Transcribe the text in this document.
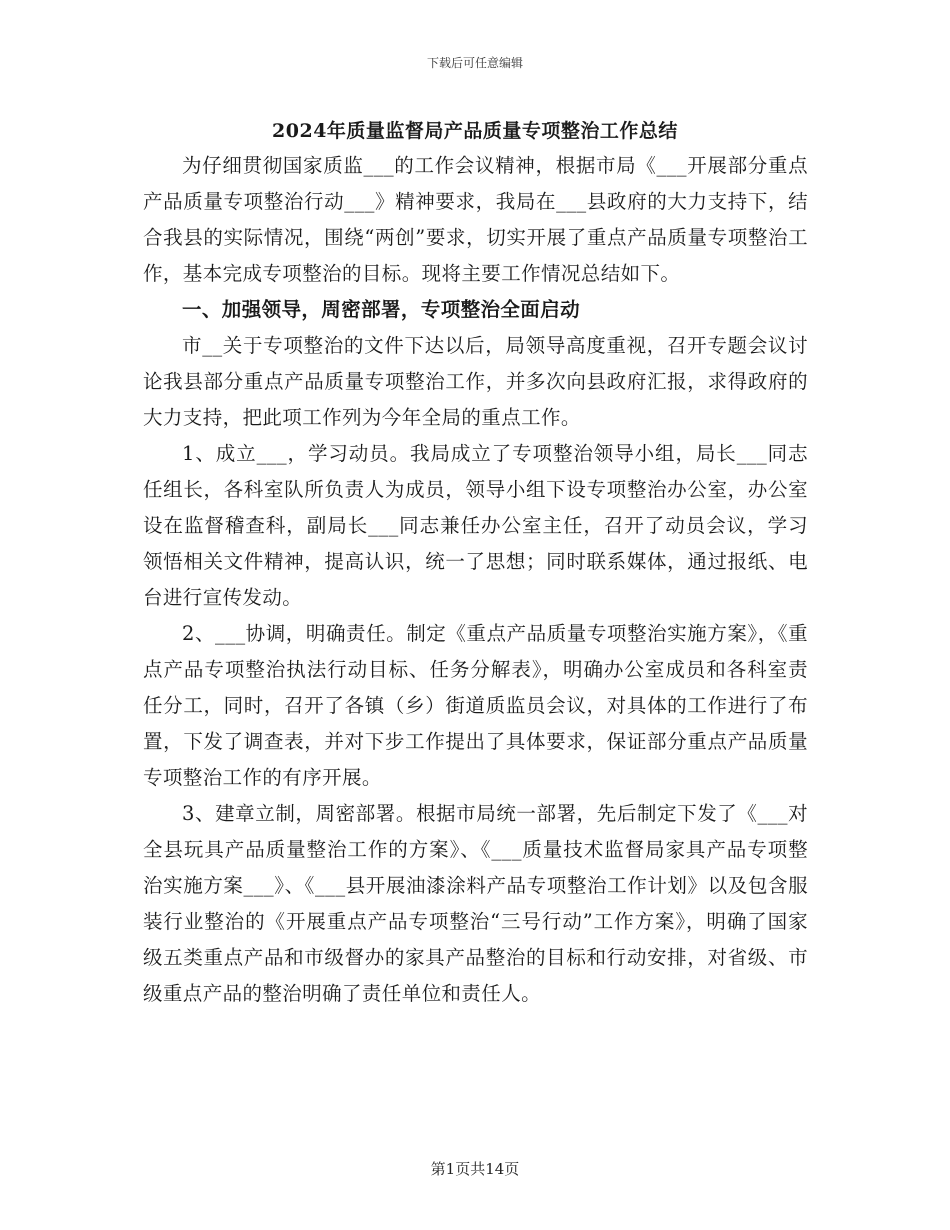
下载后可任意编辑
2024年质量监督局产品质量专项整治工作总结

为仔细贯彻国家质监___的工作会议精神，根据市局《___开展部分重点产品质量专项整治行动___》精神要求，我局在___县政府的大力支持下，结合我县的实际情况，围绕“两创”要求，切实开展了重点产品质量专项整治工作，基本完成专项整治的目标。现将主要工作情况总结如下。

一、加强领导，周密部署，专项整治全面启动

市__关于专项整治的文件下达以后，局领导高度重视，召开专题会议讨论我县部分重点产品质量专项整治工作，并多次向县政府汇报，求得政府的大力支持，把此项工作列为今年全局的重点工作。

1、成立___，学习动员。我局成立了专项整治领导小组，局长___同志任组长，各科室队所负责人为成员，领导小组下设专项整治办公室，办公室设在监督稽查科，副局长___同志兼任办公室主任，召开了动员会议，学习领悟相关文件精神，提高认识，统一了思想；同时联系媒体，通过报纸、电台进行宣传发动。

2、___协调，明确责任。制定《重点产品质量专项整治实施方案》，《重点产品专项整治执法行动目标、任务分解表》，明确办公室成员和各科室责任分工，同时，召开了各镇（乡）街道质监员会议，对具体的工作进行了布置，下发了调查表，并对下步工作提出了具体要求，保证部分重点产品质量专项整治工作的有序开展。

3、建章立制，周密部署。根据市局统一部署，先后制定下发了《___对全县玩具产品质量整治工作的方案》、《___质量技术监督局家具产品专项整治实施方案___》、《___县开展油漆涂料产品专项整治工作计划》以及包含服装行业整治的《开展重点产品专项整治“三号行动”工作方案》，明确了国家级五类重点产品和市级督办的家具产品整治的目标和行动安排，对省级、市级重点产品的整治明确了责任单位和责任人。

第1页共14页
